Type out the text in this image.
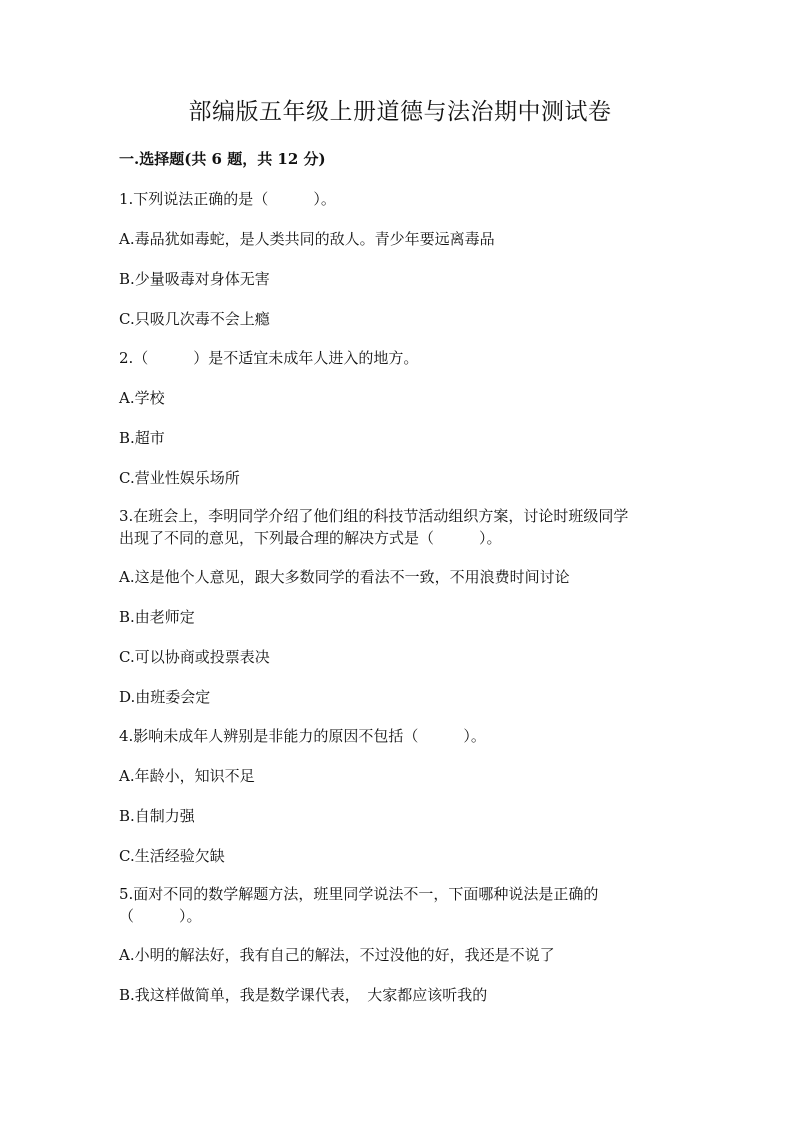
部编版五年级上册道德与法治期中测试卷
一.选择题(共 6 题，共 12 分)

1.下列说法正确的是（　　　）。

A.毒品犹如毒蛇，是人类共同的敌人。青少年要远离毒品

B.少量吸毒对身体无害

C.只吸几次毒不会上瘾

2.（　　　）是不适宜未成年人进入的地方。

A.学校

B.超市

C.营业性娱乐场所

3.在班会上，李明同学介绍了他们组的科技节活动组织方案，讨论时班级同学
出现了不同的意见，下列最合理的解决方式是（　　　）。

A.这是他个人意见，跟大多数同学的看法不一致，不用浪费时间讨论

B.由老师定

C.可以协商或投票表决

D.由班委会定

4.影响未成年人辨别是非能力的原因不包括（　　　）。

A.年龄小，知识不足

B.自制力强

C.生活经验欠缺

5.面对不同的数学解题方法，班里同学说法不一，下面哪种说法是正确的
（　　　）。

A.小明的解法好，我有自己的解法，不过没他的好，我还是不说了

B.我这样做简单，我是数学课代表，　大家都应该听我的
